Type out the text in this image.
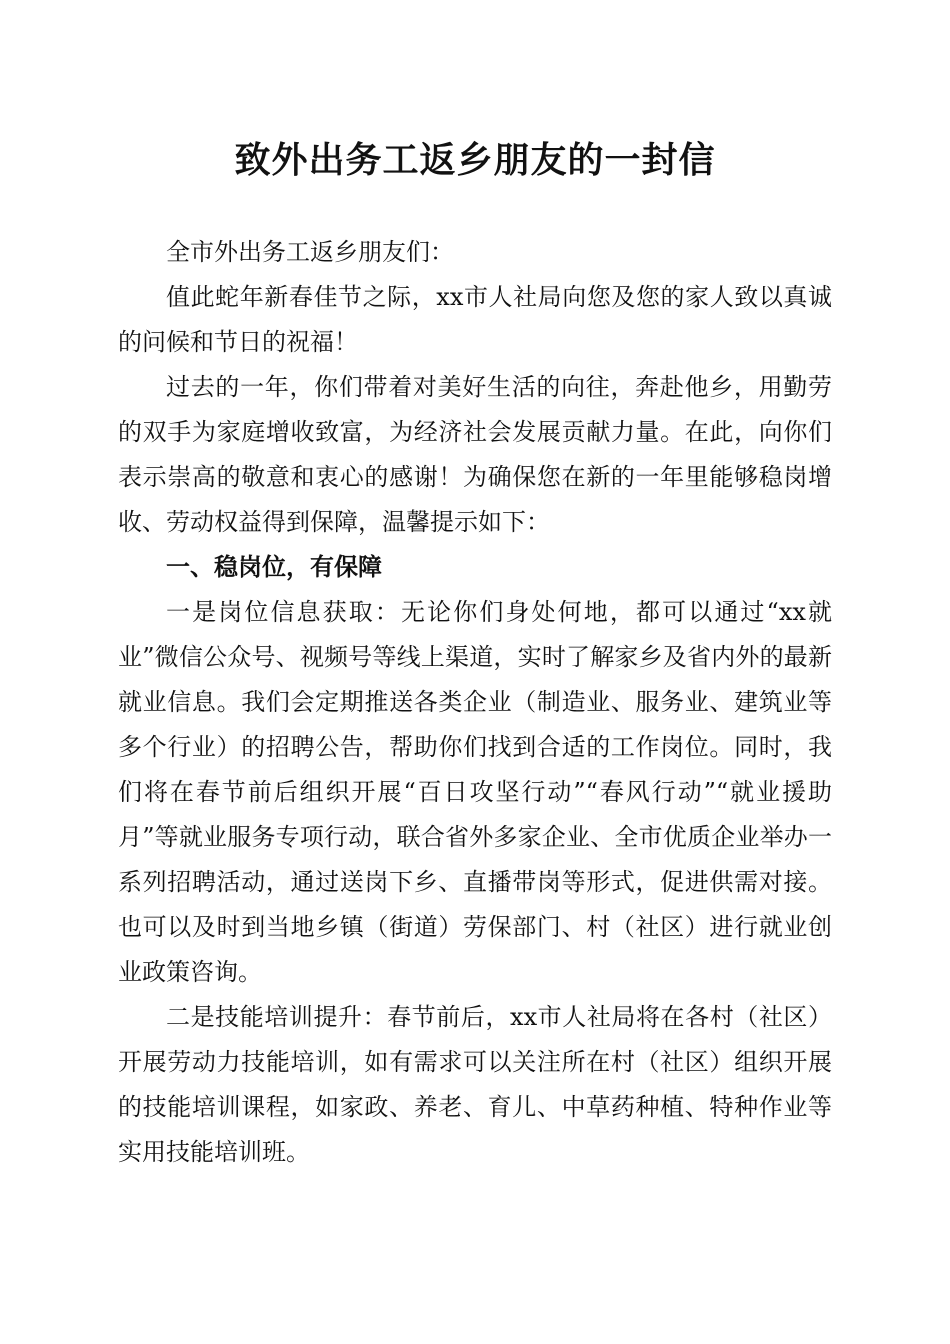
致外出务工返乡朋友的一封信

全市外出务工返乡朋友们：

值此蛇年新春佳节之际，xx市人社局向您及您的家人致以真诚的问候和节日的祝福！

过去的一年，你们带着对美好生活的向往，奔赴他乡，用勤劳的双手为家庭增收致富，为经济社会发展贡献力量。在此，向你们表示崇高的敬意和衷心的感谢！为确保您在新的一年里能够稳岗增收、劳动权益得到保障，温馨提示如下：

一、稳岗位，有保障

一是岗位信息获取：无论你们身处何地，都可以通过“xx就业”微信公众号、视频号等线上渠道，实时了解家乡及省内外的最新就业信息。我们会定期推送各类企业（制造业、服务业、建筑业等多个行业）的招聘公告，帮助你们找到合适的工作岗位。同时，我们将在春节前后组织开展“百日攻坚行动”“春风行动”“就业援助月”等就业服务专项行动，联合省外多家企业、全市优质企业举办一系列招聘活动，通过送岗下乡、直播带岗等形式，促进供需对接。也可以及时到当地乡镇（街道）劳保部门、村（社区）进行就业创业政策咨询。

二是技能培训提升：春节前后，xx市人社局将在各村（社区）开展劳动力技能培训，如有需求可以关注所在村（社区）组织开展的技能培训课程，如家政、养老、育儿、中草药种植、特种作业等实用技能培训班。
